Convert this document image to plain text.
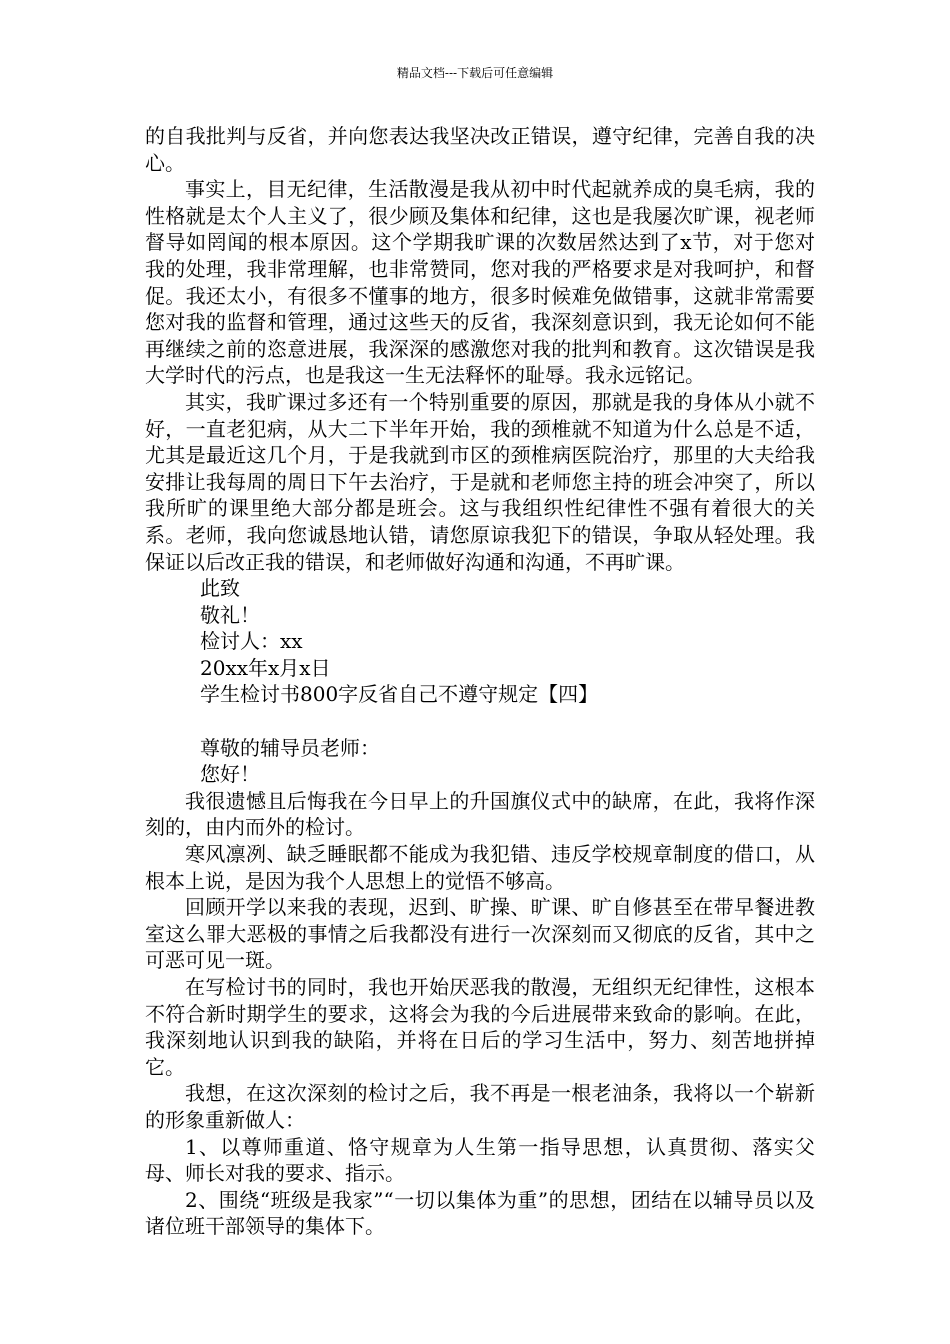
精品文档---下载后可任意编辑

的自我批判与反省，并向您表达我坚决改正错误，遵守纪律，完善自我的决心。

事实上，目无纪律，生活散漫是我从初中时代起就养成的臭毛病，我的性格就是太个人主义了，很少顾及集体和纪律，这也是我屡次旷课，视老师督导如罔闻的根本原因。这个学期我旷课的次数居然达到了x节，对于您对我的处理，我非常理解，也非常赞同，您对我的严格要求是对我呵护，和督促。我还太小，有很多不懂事的地方，很多时候难免做错事，这就非常需要您对我的监督和管理，通过这些天的反省，我深刻意识到，我无论如何不能再继续之前的恣意进展，我深深的感激您对我的批判和教育。这次错误是我大学时代的污点，也是我这一生无法释怀的耻辱。我永远铭记。

其实，我旷课过多还有一个特别重要的原因，那就是我的身体从小就不好，一直老犯病，从大二下半年开始，我的颈椎就不知道为什么总是不适，尤其是最近这几个月，于是我就到市区的颈椎病医院治疗，那里的大夫给我安排让我每周的周日下午去治疗，于是就和老师您主持的班会冲突了，所以我所旷的课里绝大部分都是班会。这与我组织性纪律性不强有着很大的关系。老师，我向您诚恳地认错，请您原谅我犯下的错误，争取从轻处理。我保证以后改正我的错误，和老师做好沟通和沟通，不再旷课。

此致

敬礼！

检讨人：xx

20xx年x月x日

学生检讨书800字反省自己不遵守规定【四】

尊敬的辅导员老师：

您好！

我很遗憾且后悔我在今日早上的升国旗仪式中的缺席，在此，我将作深刻的，由内而外的检讨。

寒风凛冽、缺乏睡眠都不能成为我犯错、违反学校规章制度的借口，从根本上说，是因为我个人思想上的觉悟不够高。

回顾开学以来我的表现，迟到、旷操、旷课、旷自修甚至在带早餐进教室这么罪大恶极的事情之后我都没有进行一次深刻而又彻底的反省，其中之可恶可见一斑。

在写检讨书的同时，我也开始厌恶我的散漫，无组织无纪律性，这根本不符合新时期学生的要求，这将会为我的今后进展带来致命的影响。在此，我深刻地认识到我的缺陷，并将在日后的学习生活中，努力、刻苦地拼掉它。

我想，在这次深刻的检讨之后，我不再是一根老油条，我将以一个崭新的形象重新做人：

1、以尊师重道、恪守规章为人生第一指导思想，认真贯彻、落实父母、师长对我的要求、指示。

2、围绕“班级是我家”“一切以集体为重”的思想，团结在以辅导员以及诸位班干部领导的集体下。
